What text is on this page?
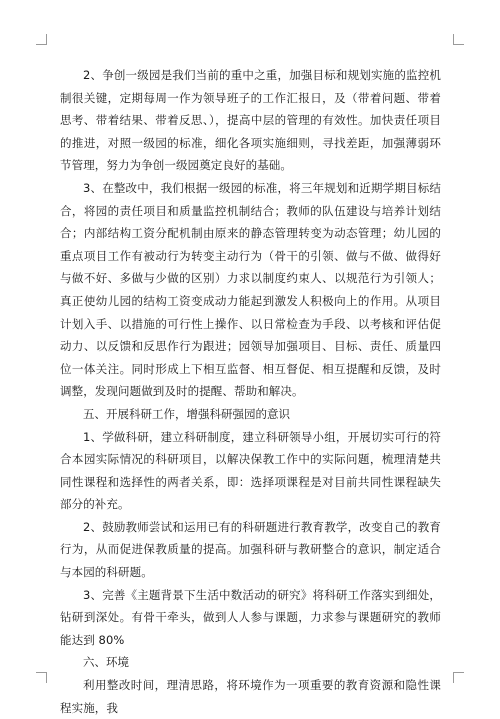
2、争创一级园是我们当前的重中之重，加强目标和规划实施的监控机制很关键，定期每周一作为领导班子的工作汇报日，及（带着问题、带着思考、带着结果、带着反思、），提高中层的管理的有效性。加快责任项目的推进，对照一级园的标准，细化各项实施细则，寻找差距，加强薄弱环节管理，努力为争创一级园奠定良好的基础。

3、在整改中，我们根据一级园的标准，将三年规划和近期学期目标结合，将园的责任项目和质量监控机制结合；教师的队伍建设与培养计划结合；内部结构工资分配机制由原来的静态管理转变为动态管理；幼儿园的重点项目工作有被动行为转变主动行为（骨干的引领、做与不做、做得好与做不好、多做与少做的区别）力求以制度约束人、以规范行为引领人；真正使幼儿园的结构工资变成动力能起到激发人积极向上的作用。从项目计划入手、以措施的可行性上操作、以日常检查为手段、以考核和评估促动力、以反馈和反思作行为跟进；园领导加强项目、目标、责任、质量四位一体关注。同时形成上下相互监督、相互督促、相互提醒和反馈，及时调整，发现问题做到及时的提醒、帮助和解决。

五、开展科研工作，增强科研强园的意识

1、学做科研，建立科研制度，建立科研领导小组，开展切实可行的符合本园实际情况的科研项目，以解决保教工作中的实际问题，梳理清楚共同性课程和选择性的两者关系，即：选择项课程是对目前共同性课程缺失部分的补充。

2、鼓励教师尝试和运用已有的科研题进行教育教学，改变自己的教育行为，从而促进保教质量的提高。加强科研与教研整合的意识，制定适合与本园的科研题。

3、完善《主题背景下生活中数活动的研究》将科研工作落实到细处，钻研到深处。有骨干牵头，做到人人参与课题，力求参与课题研究的教师能达到 80%

六、环境

利用整改时间，理清思路，将环境作为一项重要的教育资源和隐性课程实施，我
